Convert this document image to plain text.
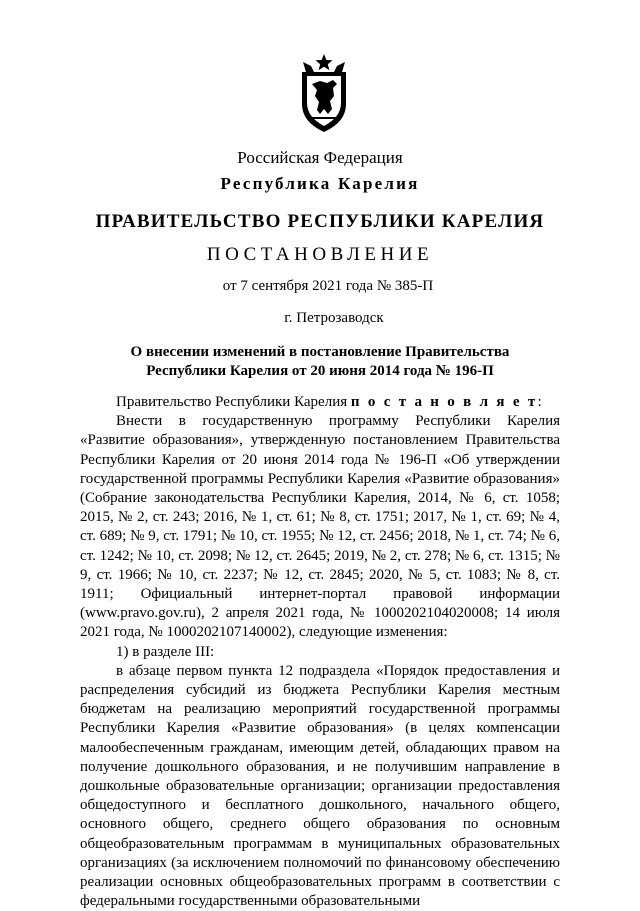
Российская Федерация
Республика Карелия
ПРАВИТЕЛЬСТВО РЕСПУБЛИКИ КАРЕЛИЯ
ПОСТАНОВЛЕНИЕ
от 7 сентября 2021 года № 385-П
г. Петрозаводск
О внесении изменений в постановление Правительства
Республики Карелия от 20 июня 2014 года № 196-П

Правительство Республики Карелия п о с т а н о в л я е т:

Внести в государственную программу Республики Карелия «Развитие образования», утвержденную постановлением Правительства Республики Карелия от 20 июня 2014 года № 196-П «Об утверждении государственной программы Республики Карелия «Развитие образования» (Собрание законодательства Республики Карелия, 2014, № 6, ст. 1058; 2015, № 2, ст. 243; 2016, № 1, ст. 61; № 8, ст. 1751; 2017, № 1, ст. 69; № 4, ст. 689; № 9, ст. 1791; № 10, ст. 1955; № 12, ст. 2456; 2018, № 1, ст. 74; № 6, ст. 1242; № 10, ст. 2098; № 12, ст. 2645; 2019, № 2, ст. 278; № 6, ст. 1315; № 9, ст. 1966; № 10, ст. 2237; № 12, ст. 2845; 2020, № 5, ст. 1083; № 8, ст. 1911; Официальный интернет-портал правовой информации (www.pravo.gov.ru), 2 апреля 2021 года, № 1000202104020008; 14 июля 2021 года, № 1000202107140002), следующие изменения:

1) в разделе III:

в абзаце первом пункта 12 подраздела «Порядок предоставления и распределения субсидий из бюджета Республики Карелия местным бюджетам на реализацию мероприятий государственной программы Республики Карелия «Развитие образования» (в целях компенсации малообеспеченным гражданам, имеющим детей, обладающих правом на получение дошкольного образования, и не получившим направление в дошкольные образовательные организации; организации предоставления общедоступного и бесплатного дошкольного, начального общего, основного общего, среднего общего образования по основным общеобразовательным программам в муниципальных образовательных организациях (за исключением полномочий по финансовому обеспечению реализации основных общеобразовательных программ в соответствии с федеральными государственными образовательными
